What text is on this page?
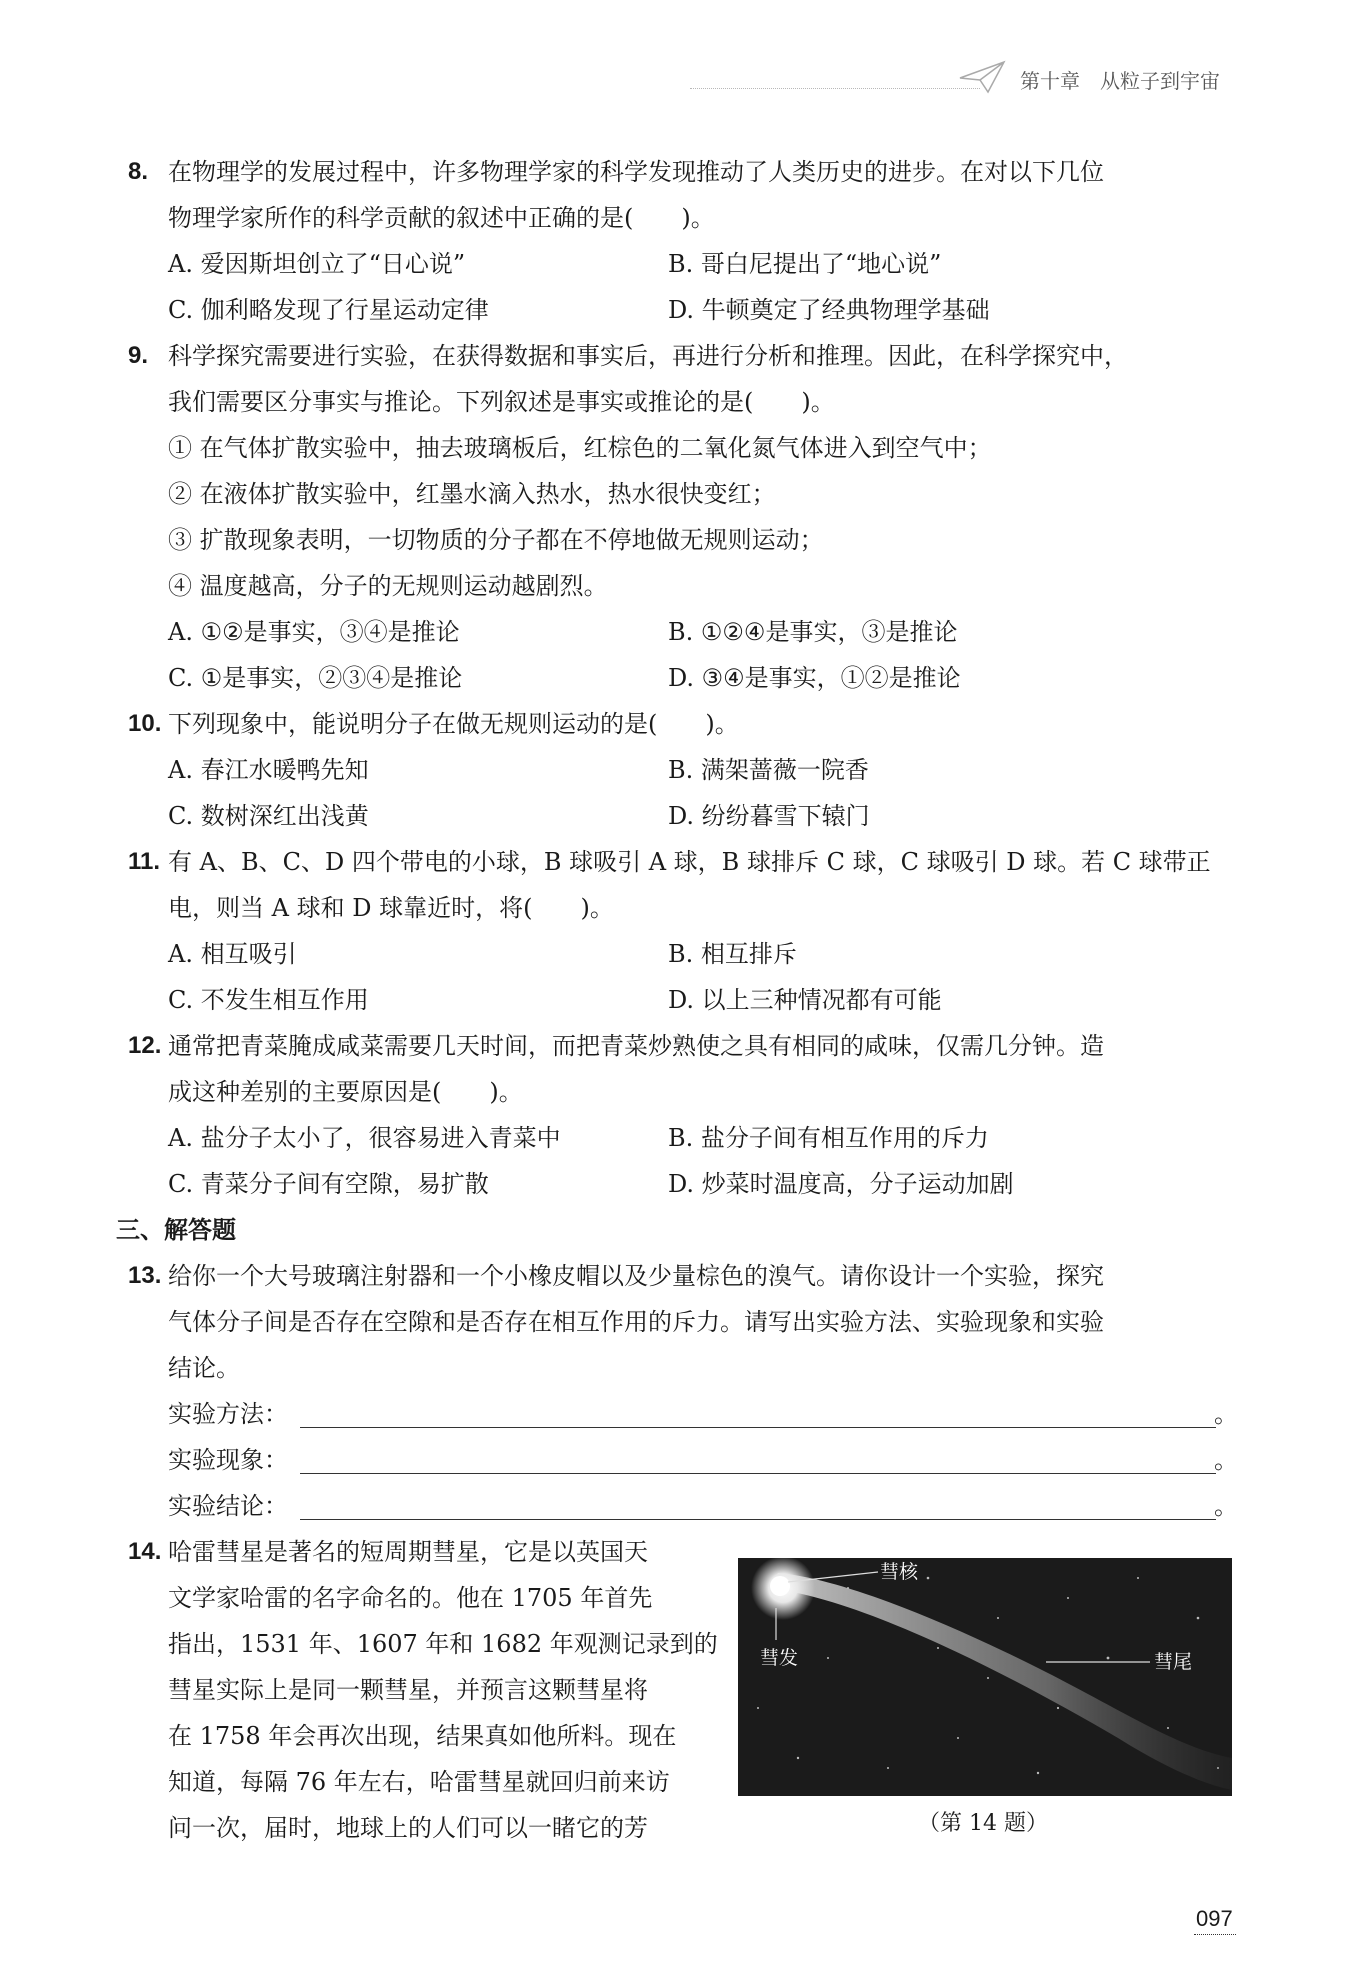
第十章　从粒子到宇宙
8. 在物理学的发展过程中，许多物理学家的科学发现推动了人类历史的进步。在对以下几位
物理学家所作的科学贡献的叙述中正确的是(　　)。
A. 爱因斯坦创立了“日心说”	B. 哥白尼提出了“地心说”
C. 伽利略发现了行星运动定律	D. 牛顿奠定了经典物理学基础
9. 科学探究需要进行实验，在获得数据和事实后，再进行分析和推理。因此，在科学探究中，
我们需要区分事实与推论。下列叙述是事实或推论的是(　　)。
① 在气体扩散实验中，抽去玻璃板后，红棕色的二氧化氮气体进入到空气中；
② 在液体扩散实验中，红墨水滴入热水，热水很快变红；
③ 扩散现象表明，一切物质的分子都在不停地做无规则运动；
④ 温度越高，分子的无规则运动越剧烈。
A. ①②是事实，③④是推论	B. ①②④是事实，③是推论
C. ①是事实，②③④是推论	D. ③④是事实，①②是推论
10. 下列现象中，能说明分子在做无规则运动的是(　　)。
A. 春江水暖鸭先知	B. 满架蔷薇一院香
C. 数树深红出浅黄	D. 纷纷暮雪下辕门
11. 有 A、B、C、D 四个带电的小球，B 球吸引 A 球，B 球排斥 C 球，C 球吸引 D 球。若 C 球带正
电，则当 A 球和 D 球靠近时，将(　　)。
A. 相互吸引	B. 相互排斥
C. 不发生相互作用	D. 以上三种情况都有可能
12. 通常把青菜腌成咸菜需要几天时间，而把青菜炒熟使之具有相同的咸味，仅需几分钟。造
成这种差别的主要原因是(　　)。
A. 盐分子太小了，很容易进入青菜中	B. 盐分子间有相互作用的斥力
C. 青菜分子间有空隙，易扩散	D. 炒菜时温度高，分子运动加剧
三、解答题
13. 给你一个大号玻璃注射器和一个小橡皮帽以及少量棕色的溴气。请你设计一个实验，探究
气体分子间是否存在空隙和是否存在相互作用的斥力。请写出实验方法、实验现象和实验
结论。
实验方法：	。
实验现象：	。
实验结论：	。
14. 哈雷彗星是著名的短周期彗星，它是以英国天
文学家哈雷的名字命名的。他在 1705 年首先
指出，1531 年、1607 年和 1682 年观测记录到的
彗星实际上是同一颗彗星，并预言这颗彗星将
在 1758 年会再次出现，结果真如他所料。现在
知道，每隔 76 年左右，哈雷彗星就回归前来访
问一次，届时，地球上的人们可以一睹它的芳
彗核
彗发	彗尾
（第 14 题）
097
